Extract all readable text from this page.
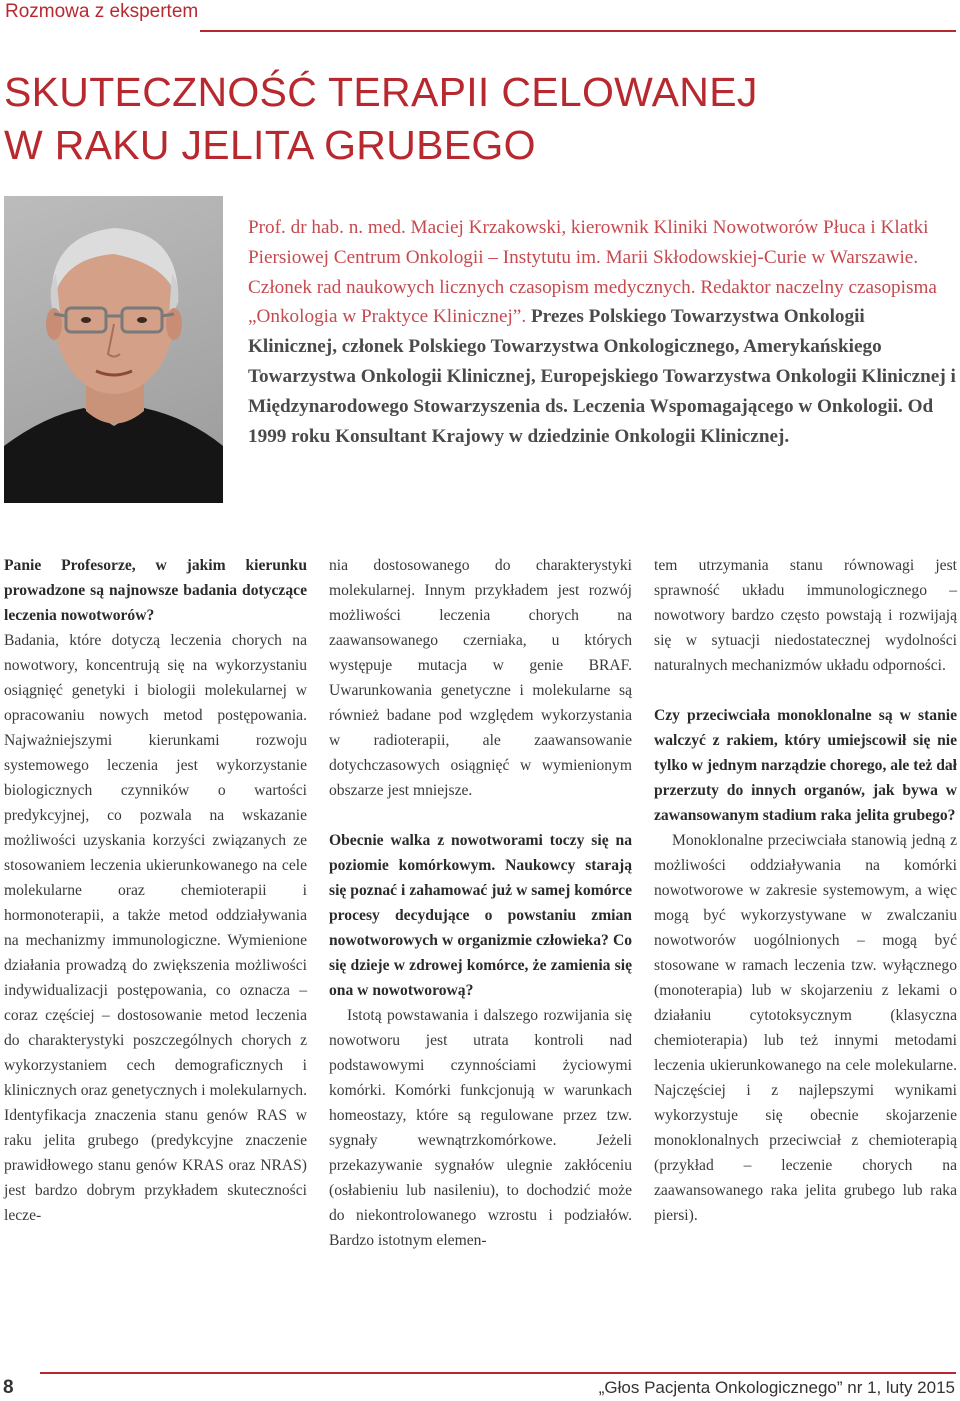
Rozmowa z ekspertem
SKUTECZNOŚĆ TERAPII CELOWANEJ
W RAKU JELITA GRUBEGO

Prof. dr hab. n. med. Maciej Krzakowski, kierownik Kliniki Nowotworów Płuca i Klatki Piersiowej Centrum Onkologii – Instytutu im. Marii Skłodowskiej-Curie w Warszawie. Członek rad naukowych licznych czasopism medycznych. Redaktor naczelny czasopisma „Onkologia w Praktyce Klinicznej”. Prezes Polskiego Towarzystwa Onkologii Klinicznej, członek Polskiego Towarzystwa Onkologicznego, Amerykańskiego Towarzystwa Onkologii Klinicznej, Europejskiego Towarzystwa Onkologii Klinicznej i Międzynarodowego Stowarzyszenia ds. Leczenia Wspomagającego w Onkologii. Od 1999 roku Konsultant Krajowy w dziedzinie Onkologii Klinicznej.

Panie Profesorze, w jakim kierunku prowadzone są najnowsze badania dotyczące leczenia nowotworów?

Badania, które dotyczą leczenia chorych na nowotwory, koncentrują się na wykorzystaniu osiągnięć genetyki i biologii molekularnej w opracowaniu nowych metod postępowania. Najważniejszymi kierunkami rozwoju systemowego leczenia jest wykorzystanie biologicznych czynników o wartości predykcyjnej, co pozwala na wskazanie możliwości uzyskania korzyści związanych ze stosowaniem leczenia ukierunkowanego na cele molekularne oraz chemioterapii i hormonoterapii, a także metod oddziaływania na mechanizmy immunologiczne. Wymienione działania prowadzą do zwiększenia możliwości indywidualizacji postępowania, co oznacza – coraz częściej – dostosowanie metod leczenia do charakterystyki poszczególnych chorych z wykorzystaniem cech demograficznych i klinicznych oraz genetycznych i molekularnych. Identyfikacja znaczenia stanu genów RAS w raku jelita grubego (predykcyjne znaczenie prawidłowego stanu genów KRAS oraz NRAS) jest bardzo dobrym przykładem skuteczności lecze-

nia dostosowanego do charakterystyki molekularnej. Innym przykładem jest rozwój możliwości leczenia chorych na zaawansowanego czerniaka, u których występuje mutacja w genie BRAF. Uwarunkowania genetyczne i molekularne są również badane pod względem wykorzystania w radioterapii, ale zaawansowanie dotychczasowych osiągnięć w wymienionym obszarze jest mniejsze.

Obecnie walka z nowotworami toczy się na poziomie komórkowym. Naukowcy starają się poznać i zahamować już w samej komórce procesy decydujące o powstaniu zmian nowotworowych w organizmie człowieka? Co się dzieje w zdrowej komórce, że zamienia się ona w nowotworową?

Istotą powstawania i dalszego rozwijania się nowotworu jest utrata kontroli nad podstawowymi czynnościami życiowymi komórki. Komórki funkcjonują w warunkach homeostazy, które są regulowane przez tzw. sygnały wewnątrzkomórkowe. Jeżeli przekazywanie sygnałów ulegnie zakłóceniu (osłabieniu lub nasileniu), to dochodzić może do niekontrolowanego wzrostu i podziałów. Bardzo istotnym elemen-

tem utrzymania stanu równowagi jest sprawność układu immunologicznego – nowotwory bardzo często powstają i rozwijają się w sytuacji niedostatecznej wydolności naturalnych mechanizmów układu odporności.

Czy przeciwciała monoklonalne są w stanie walczyć z rakiem, który umiejscowił się nie tylko w jednym narządzie chorego, ale też dał przerzuty do innych organów, jak bywa w zawansowanym stadium raka jelita grubego?

Monoklonalne przeciwciała stanowią jedną z możliwości oddziaływania na komórki nowotworowe w zakresie systemowym, a więc mogą być wykorzystywane w zwalczaniu nowotworów uogólnionych – mogą być stosowane w ramach leczenia tzw. wyłącznego (monoterapia) lub w skojarzeniu z lekami o działaniu cytotoksycznym (klasyczna chemioterapia) lub też innymi metodami leczenia ukierunkowanego na cele molekularne. Najczęściej i z najlepszymi wynikami wykorzystuje się obecnie skojarzenie monoklonalnych przeciwciał z chemioterapią (przykład – leczenie chorych na zaawansowanego raka jelita grubego lub raka piersi).

8	„Głos Pacjenta Onkologicznego” nr 1, luty 2015
